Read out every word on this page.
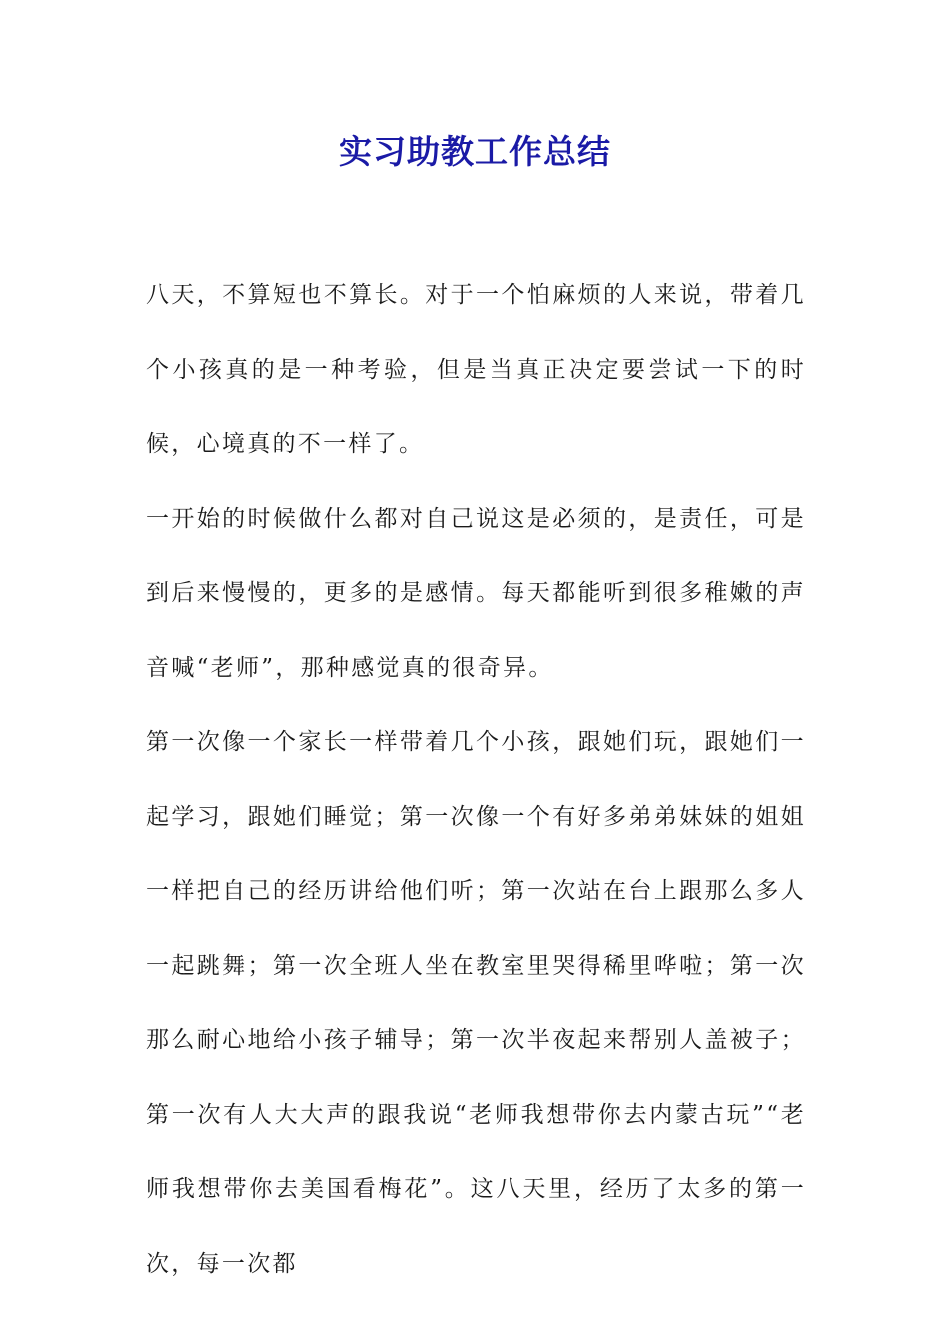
实习助教工作总结

八天，不算短也不算长。对于一个怕麻烦的人来说，带着几个小孩真的是一种考验，但是当真正决定要尝试一下的时候，心境真的不一样了。

一开始的时候做什么都对自己说这是必须的，是责任，可是到后来慢慢的，更多的是感情。每天都能听到很多稚嫩的声音喊“老师”，那种感觉真的很奇异。

第一次像一个家长一样带着几个小孩，跟她们玩，跟她们一起学习，跟她们睡觉；第一次像一个有好多弟弟妹妹的姐姐一样把自己的经历讲给他们听；第一次站在台上跟那么多人一起跳舞；第一次全班人坐在教室里哭得稀里哗啦；第一次那么耐心地给小孩子辅导；第一次半夜起来帮别人盖被子；第一次有人大大声的跟我说“老师我想带你去内蒙古玩”“老师我想带你去美国看梅花”。这八天里，经历了太多的第一次，每一次都
